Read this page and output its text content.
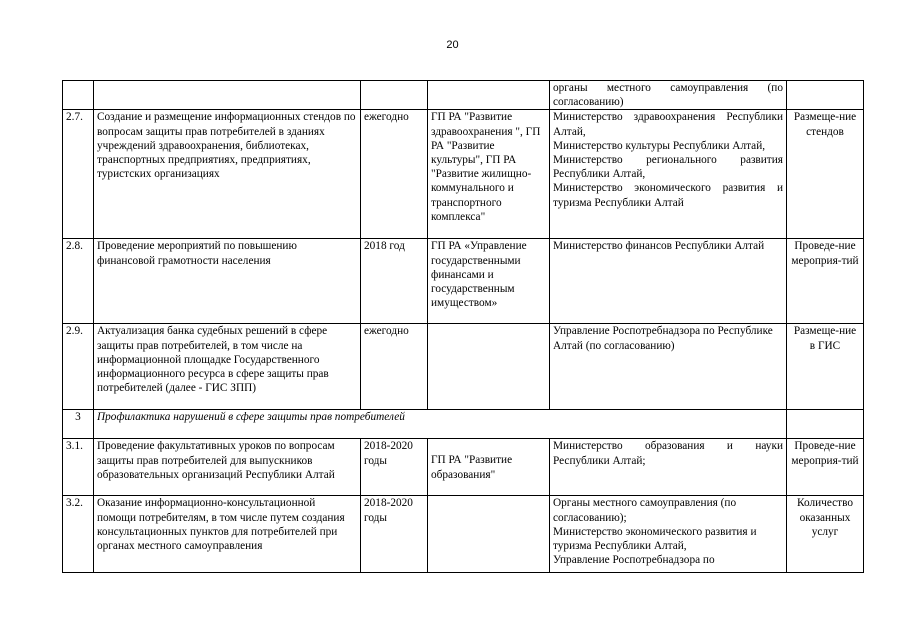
20

				органы местного самоуправления (по согласованию)	

2.7.	Создание и размещение информационных стендов по вопросам защиты прав потребителей в зданиях учреждений здравоохранения, библиотеках, транспортных предприятиях, предприятиях, туристских организациях	ежегодно	ГП РА "Развитие здравоохранения ", ГП РА "Развитие культуры", ГП РА "Развитие жилищно-коммунального и транспортного комплекса"	Министерство здравоохранения Республики Алтай,
Министерство культуры Республики Алтай,
Министерство регионального развития Республики Алтай,
Министерство экономического развития и туризма Республики Алтай	Размеще-ние стендов
2.8.	Проведение мероприятий по повышению финансовой грамотности населения	2018 год	ГП РА «Управление государственными финансами и государственным имуществом»	Министерство финансов Республики Алтай	Проведе-ние мероприя-тий
2.9.	Актуализация банка судебных решений в сфере защиты прав потребителей, в том числе на информационной площадке Государственного информационного ресурса в сфере защиты прав потребителей (далее - ГИС ЗПП)	ежегодно		Управление Роспотребнадзора по Республике Алтай (по согласованию)	Размеще-ние в ГИС
3	Профилактика нарушений в сфере защиты прав потребителей				
3.1.	Проведение факультативных уроков по вопросам защиты прав потребителей для выпускников образовательных организаций Республики Алтай	2018-2020 годы	ГП РА "Развитие образования"	Министерство образования и науки Республики Алтай;	Проведе-ние мероприя-тий
3.2.	Оказание информационно-консультационной помощи потребителям, в том числе путем создания консультационных пунктов для потребителей при органах местного самоуправления	2018-2020 годы		Органы местного самоуправления (по согласованию);
Министерство экономического развития и туризма Республики Алтай,
Управление Роспотребнадзора по	Количество оказанных услуг
